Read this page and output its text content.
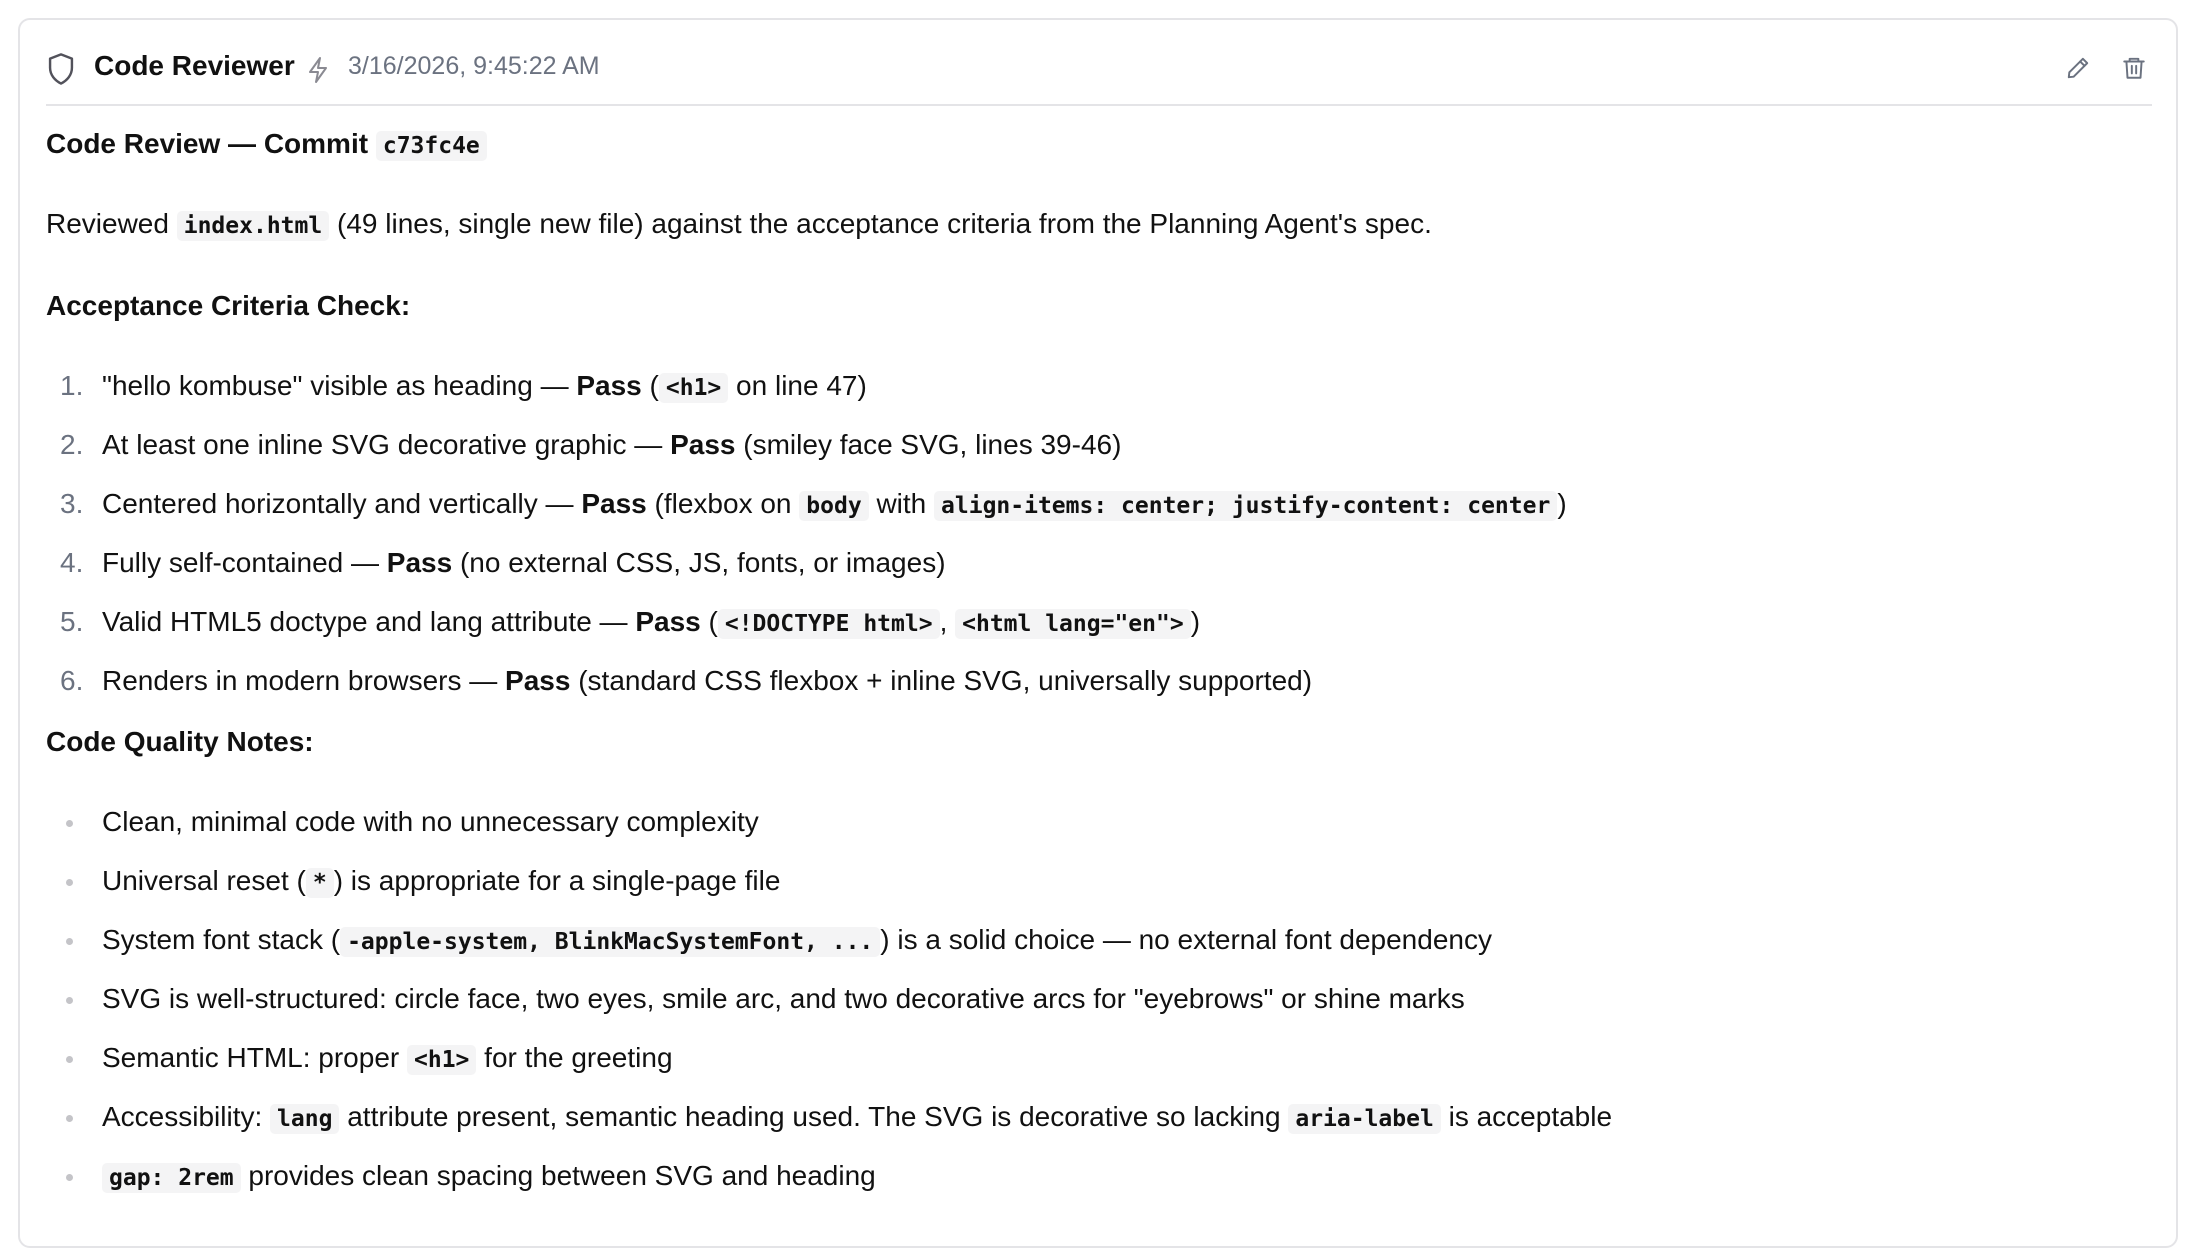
Code Reviewer 3/16/2026, 9:45:22 AM

Code Review — Commit c73fc4e

Reviewed index.html (49 lines, single new file) against the acceptance criteria from the Planning Agent's spec.

Acceptance Criteria Check:

1. "hello kombuse" visible as heading — Pass ( <h1> on line 47)
2. At least one inline SVG decorative graphic — Pass (smiley face SVG, lines 39-46)
3. Centered horizontally and vertically — Pass (flexbox on body with align-items: center; justify-content: center )
4. Fully self-contained — Pass (no external CSS, JS, fonts, or images)
5. Valid HTML5 doctype and lang attribute — Pass ( <!DOCTYPE html> , <html lang="en"> )
6. Renders in modern browsers — Pass (standard CSS flexbox + inline SVG, universally supported)

Code Quality Notes:

Clean, minimal code with no unnecessary complexity
Universal reset ( * ) is appropriate for a single-page file
System font stack ( -apple-system, BlinkMacSystemFont, ... ) is a solid choice — no external font dependency
SVG is well-structured: circle face, two eyes, smile arc, and two decorative arcs for "eyebrows" or shine marks
Semantic HTML: proper <h1> for the greeting
Accessibility: lang attribute present, semantic heading used. The SVG is decorative so lacking aria-label is acceptable
gap: 2rem provides clean spacing between SVG and heading
